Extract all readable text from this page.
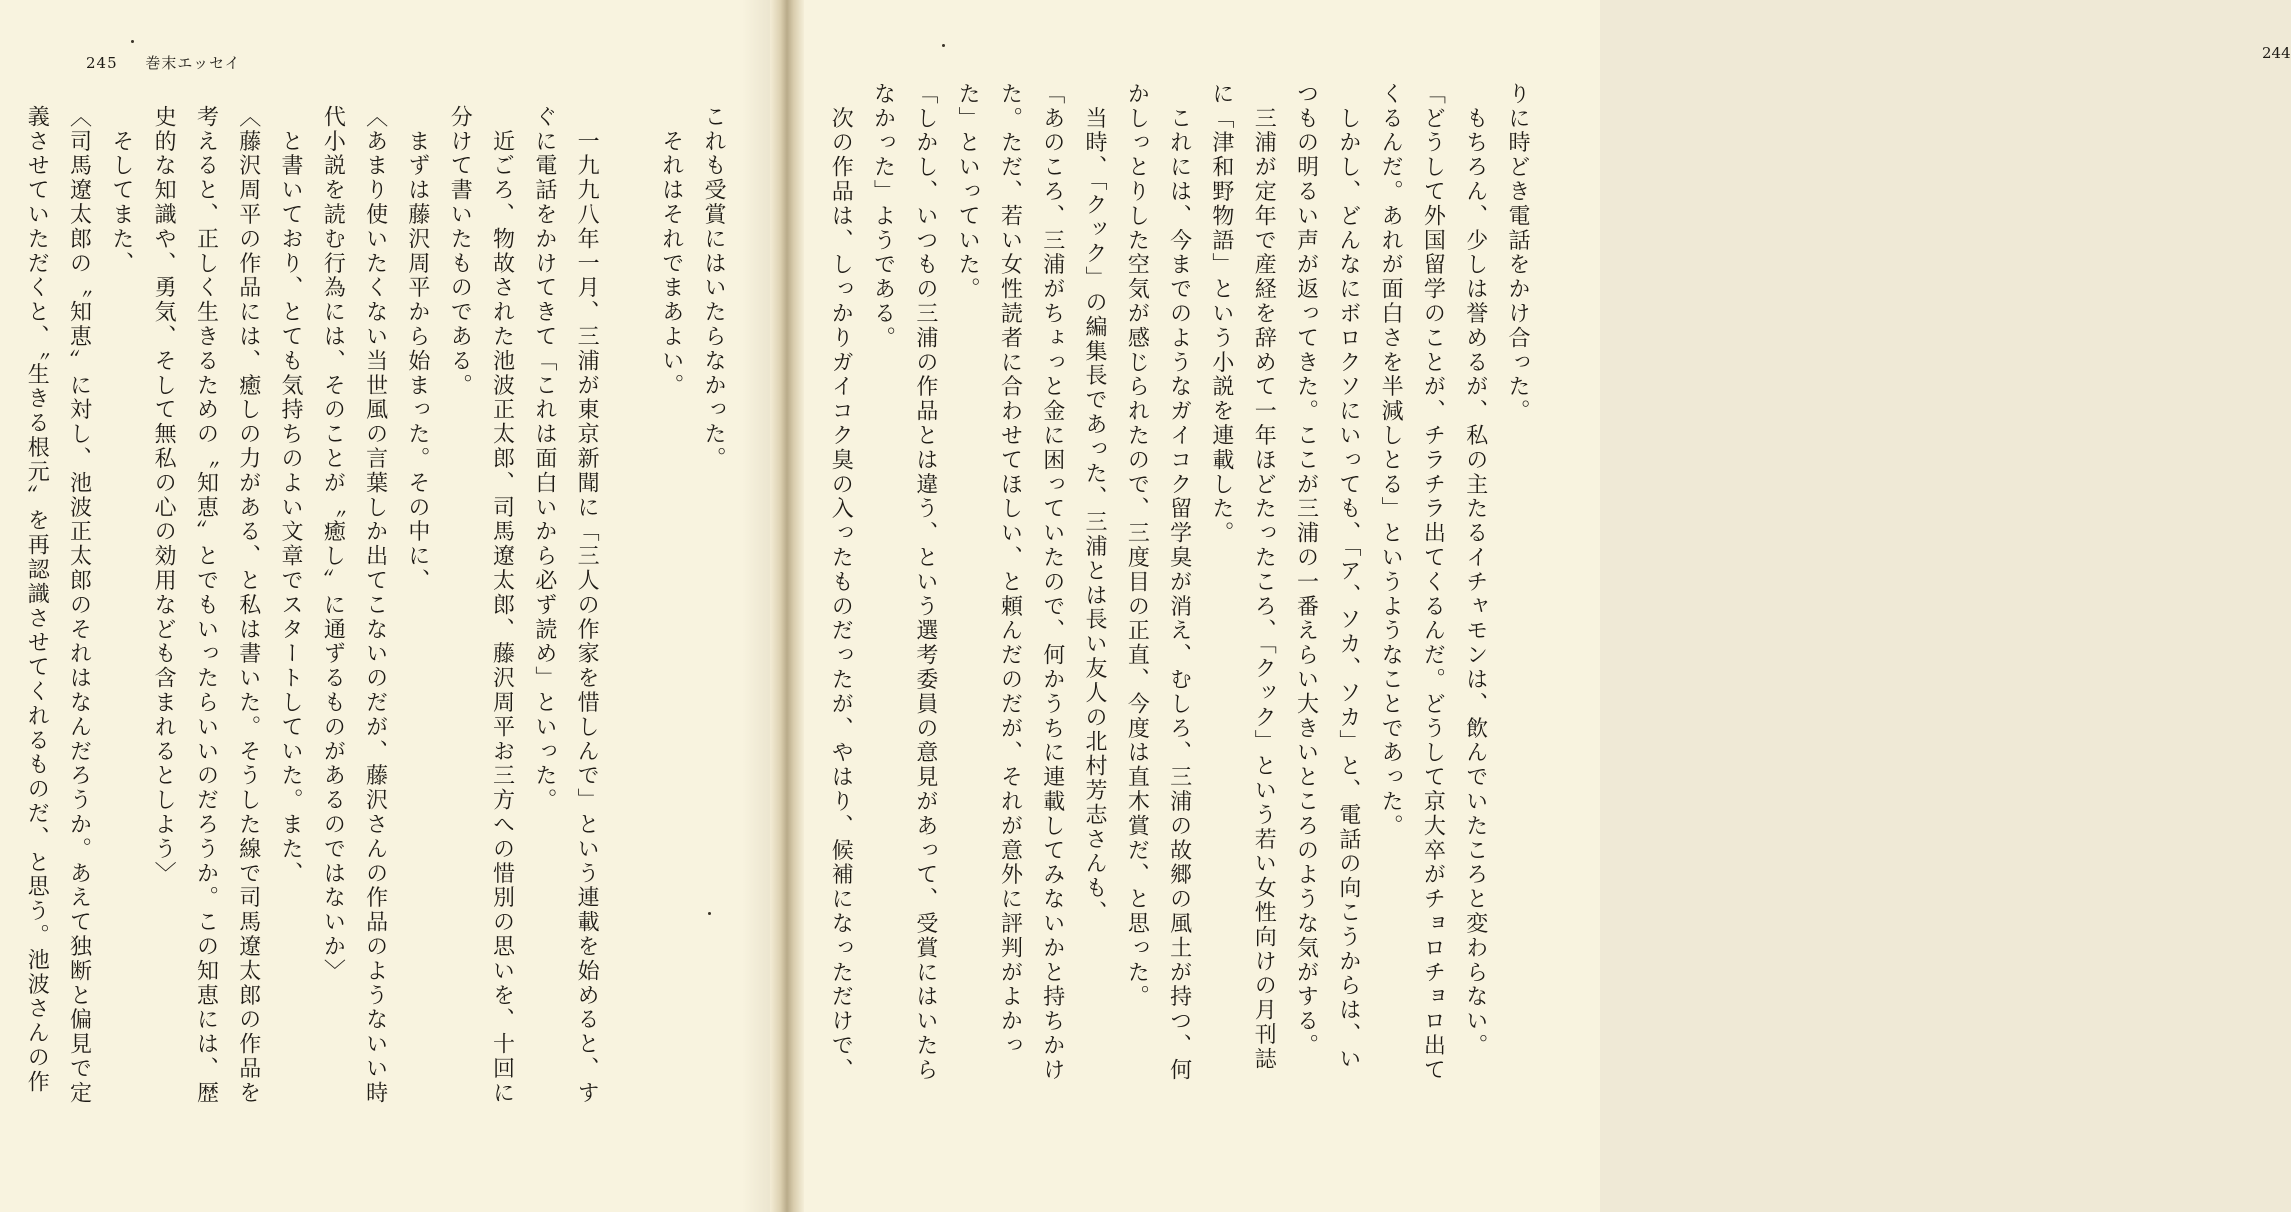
245 巻末エッセイ
これも受賞にはいたらなかった。
　それはそれでまあよい。
　一九九八年一月、三浦が東京新聞に「三人の作家を惜しんで」という連載を始めると、す
ぐに電話をかけてきて「これは面白いから必ず読め」といった。
　近ごろ、物故された池波正太郎、司馬遼太郎、藤沢周平お三方への惜別の思いを、十回に
分けて書いたものである。
　まずは藤沢周平から始まった。その中に、
〈あまり使いたくない当世風の言葉しか出てこないのだが、藤沢さんの作品のようないい時
代小説を読む行為には、そのことが〝癒し〟に通ずるものがあるのではないか〉
　と書いており、とても気持ちのよい文章でスタートしていた。また、
〈藤沢周平の作品には、癒しの力がある、と私は書いた。そうした線で司馬遼太郎の作品を
考えると、正しく生きるための〝知恵〟とでもいったらいいのだろうか。この知恵には、歴
史的な知識や、勇気、そして無私の心の効用なども含まれるとしよう〉
　そしてまた、
〈司馬遼太郎の〝知恵〟に対し、池波正太郎のそれはなんだろうか。あえて独断と偏見で定
義させていただくと、〝生きる根元〟を再認識させてくれるものだ、と思う。池波さんの作
244
りに時どき電話をかけ合った。
　もちろん、少しは誉めるが、私の主たるイチャモンは、飲んでいたころと変わらない。
「どうして外国留学のことが、チラチラ出てくるんだ。どうして京大卒がチョロチョロ出て
くるんだ。あれが面白さを半減しとる」というようなことであった。
　しかし、どんなにボロクソにいっても、「ア、ソカ、ソカ」と、電話の向こうからは、い
つもの明るい声が返ってきた。ここが三浦の一番えらい大きいところのような気がする。
　三浦が定年で産経を辞めて一年ほどたったころ、「クック」という若い女性向けの月刊誌
に「津和野物語」という小説を連載した。
　これには、今までのようなガイコク留学臭が消え、むしろ、三浦の故郷の風土が持つ、何
かしっとりした空気が感じられたので、三度目の正直、今度は直木賞だ、と思った。
　当時、「クック」の編集長であった、三浦とは長い友人の北村芳志さんも、
「あのころ、三浦がちょっと金に困っていたので、何かうちに連載してみないかと持ちかけ
た。ただ、若い女性読者に合わせてほしい、と頼んだのだが、それが意外に評判がよかっ
た」といっていた。
「しかし、いつもの三浦の作品とは違う、という選考委員の意見があって、受賞にはいたら
なかった」ようである。
　次の作品は、しっかりガイコク臭の入ったものだったが、やはり、候補になっただけで、
